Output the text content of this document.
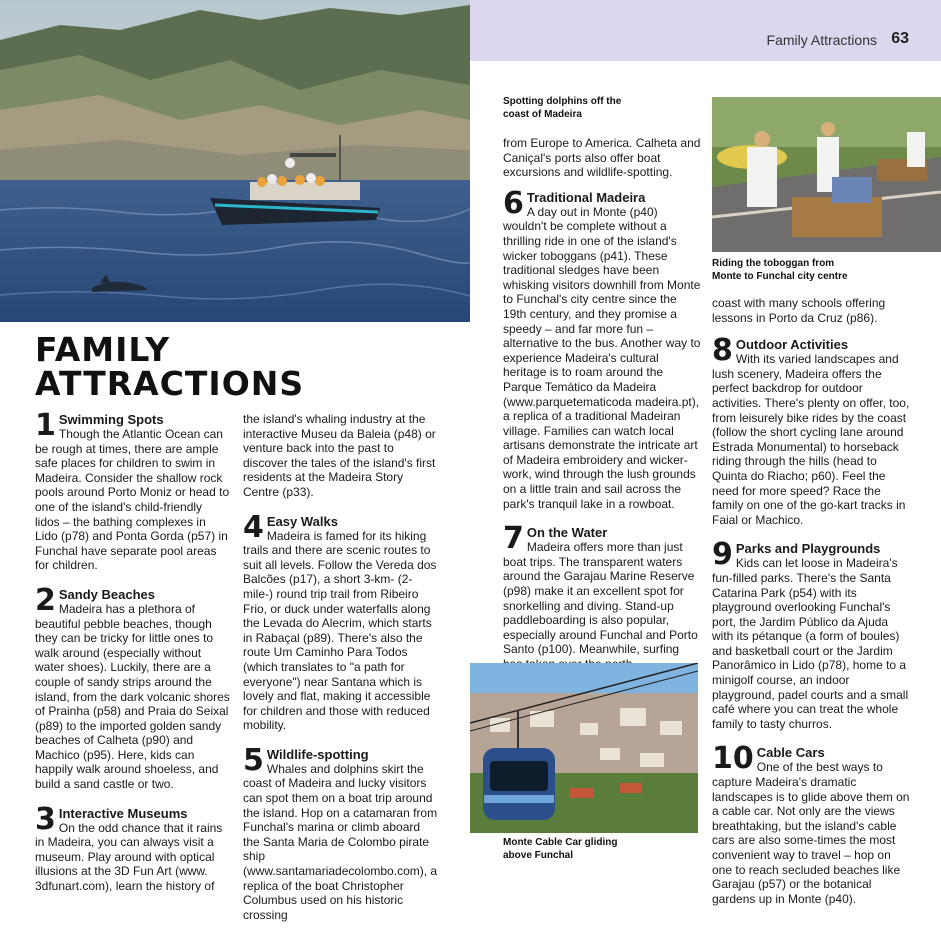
Family Attractions 63
Spotting dolphins off the coast of Madeira
Riding the toboggan from Monte to Funchal city centre
FAMILY
ATTRACTIONS
1 Swimming Spots

Though the Atlantic Ocean can be rough at times, there are ample safe places for children to swim in Madeira. Consider the shallow rock pools around Porto Moniz or head to one of the island's child-friendly lidos – the bathing complexes in Lido (p78) and Ponta Gorda (p57) in Funchal have separate pool areas for children.

2 Sandy Beaches

Madeira has a plethora of beautiful pebble beaches, though they can be tricky for little ones to walk around (especially without water shoes). Luckily, there are a couple of sandy strips around the island, from the dark volcanic shores of Prainha (p58) and Praia do Seixal (p89) to the imported golden sandy beaches of Calheta (p90) and Machico (p95). Here, kids can happily walk around shoeless, and build a sand castle or two.

3 Interactive Museums

On the odd chance that it rains in Madeira, you can always visit a museum. Play around with optical illusions at the 3D Fun Art (www. 3dfunart.com), learn the history of

the island's whaling industry at the interactive Museu da Baleia (p48) or venture back into the past to discover the tales of the island's first residents at the Madeira Story Centre (p33).

4 Easy Walks

Madeira is famed for its hiking trails and there are scenic routes to suit all levels. Follow the Vereda dos Balcões (p17), a short 3-km- (2-mile-) round trip trail from Ribeiro Frio, or duck under waterfalls along the Levada do Alecrim, which starts in Rabaçal (p89). There's also the route Um Caminho Para Todos (which translates to "a path for everyone") near Santana which is lovely and flat, making it accessible for children and those with reduced mobility.

5 Wildlife-spotting

Whales and dolphins skirt the coast of Madeira and lucky visitors can spot them on a boat trip around the island. Hop on a catamaran from Funchal's marina or climb aboard the Santa Maria de Colombo pirate ship (www.santamariadecolombo.com), a replica of the boat Christopher Columbus used on his historic crossing

from Europe to America. Calheta and Caniçal's ports also offer boat excursions and wildlife-spotting.

6 Traditional Madeira

A day out in Monte (p40) wouldn't be complete without a thrilling ride in one of the island's wicker toboggans (p41). These traditional sledges have been whisking visitors downhill from Monte to Funchal's city centre since the 19th century, and they promise a speedy – and far more fun – alternative to the bus. Another way to experience Madeira's cultural heritage is to roam around the Parque Temático da Madeira (www.parquetematicoda madeira.pt), a replica of a traditional Madeiran village. Families can watch local artisans demonstrate the intricate art of Madeira embroidery and wicker-work, wind through the lush grounds on a little train and sail across the park's tranquil lake in a rowboat.

7 On the Water

Madeira offers more than just boat trips. The transparent waters around the Garajau Marine Reserve (p98) make it an excellent spot for snorkelling and diving. Stand-up paddleboarding is also popular, especially around Funchal and Porto Santo (p100). Meanwhile, surfing

Monte Cable Car gliding above Funchal

coast with many schools offering lessons in Porto da Cruz (p86).

8 Outdoor Activities

With its varied landscapes and lush scenery, Madeira offers the perfect backdrop for outdoor activities. There's plenty on offer, too, from leisurely bike rides by the coast (follow the short cycling lane around Estrada Monumental) to horseback riding through the hills (head to Quinta do Riacho; p60). Feel the need for more speed? Race the family on one of the go-kart tracks in Faial or Machico.

9 Parks and Playgrounds

Kids can let loose in Madeira's fun-filled parks. There's the Santa Catarina Park (p54) with its playground overlooking Funchal's port, the Jardim Público da Ajuda with its pétanque (a form of boules) and basketball court or the Jardim Panorâmico in Lido (p78), home to a minigolf course, an indoor playground, padel courts and a small café where you can treat the whole family to tasty churros.

10 Cable Cars

One of the best ways to capture Madeira's dramatic landscapes is to glide above them on a cable car. Not only are the views breathtaking, but the island's cable cars are also some-times the most convenient way to travel – hop on one to reach secluded beaches like Garajau (p57) or the botanical gardens up in Monte (p40).
